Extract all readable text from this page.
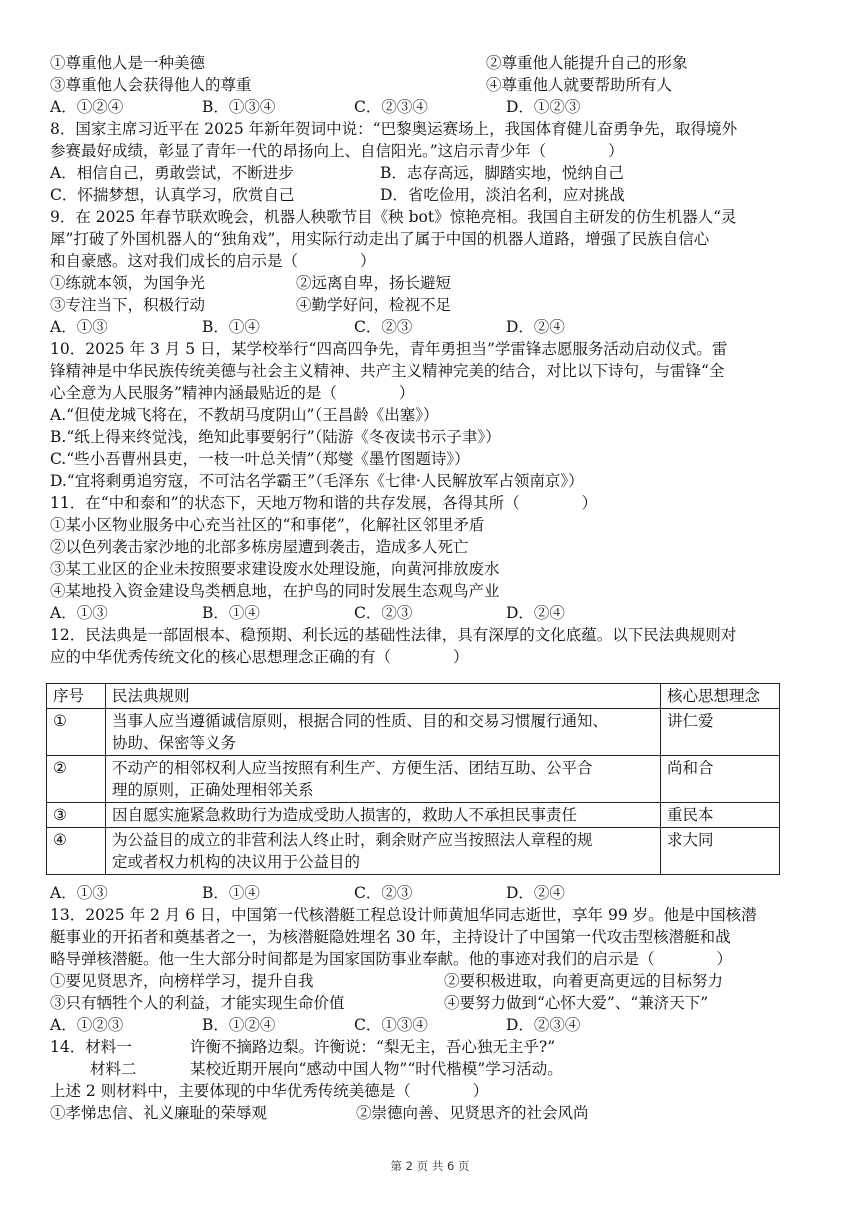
①尊重他人是一种美德	②尊重他人能提升自己的形象
③尊重他人会获得他人的尊重	④尊重他人就要帮助所有人
A．①②④	B．①③④	C．②③④	D．①②③
8．国家主席习近平在 2025 年新年贺词中说：“巴黎奥运赛场上，我国体育健儿奋勇争先，取得境外
参赛最好成绩，彰显了青年一代的昂扬向上、自信阳光。”这启示青少年（　　　　）
A．相信自己，勇敢尝试，不断进步	B．志存高远，脚踏实地，悦纳自己
C．怀揣梦想，认真学习，欣赏自己	D．省吃俭用，淡泊名利，应对挑战
9．在 2025 年春节联欢晚会，机器人秧歌节目《秧 bot》惊艳亮相。我国自主研发的仿生机器人“灵
犀”打破了外国机器人的“独角戏”，用实际行动走出了属于中国的机器人道路，增强了民族自信心
和自豪感。这对我们成长的启示是（　　　　）
①练就本领，为国争光	②远离自卑，扬长避短
③专注当下，积极行动	④勤学好问，检视不足
A．①③	B．①④	C．②③	D．②④
10．2025 年 3 月 5 日，某学校举行“四高四争先，青年勇担当”学雷锋志愿服务活动启动仪式。雷
锋精神是中华民族传统美德与社会主义精神、共产主义精神完美的结合，对比以下诗句，与雷锋“全
心全意为人民服务”精神内涵最贴近的是（　　　　）
A.“但使龙城飞将在，不教胡马度阴山”（王昌龄《出塞》）
B.“纸上得来终觉浅，绝知此事要躬行”（陆游《冬夜读书示子聿》）
C.“些小吾曹州县吏，一枝一叶总关情”（郑燮《墨竹图题诗》）
D.“宜将剩勇追穷寇，不可沽名学霸王”（毛泽东《七律·人民解放军占领南京》）
11．在“中和泰和”的状态下，天地万物和谐的共存发展，各得其所（　　　　）
①某小区物业服务中心充当社区的“和事佬”，化解社区邻里矛盾
②以色列袭击家沙地的北部多栋房屋遭到袭击，造成多人死亡
③某工业区的企业未按照要求建设废水处理设施，向黄河排放废水
④某地投入资金建设鸟类栖息地，在护鸟的同时发展生态观鸟产业
A．①③	B．①④	C．②③	D．②④
12．民法典是一部固根本、稳预期、利长远的基础性法律，具有深厚的文化底蕴。以下民法典规则对
应的中华优秀传统文化的核心思想理念正确的有（　　　　）
序号	民法典规则	核心思想理念
①	当事人应当遵循诚信原则，根据合同的性质、目的和交易习惯履行通知、
协助、保密等义务	讲仁爱
②	不动产的相邻权利人应当按照有利生产、方便生活、团结互助、公平合
理的原则，正确处理相邻关系	尚和合
③	因自愿实施紧急救助行为造成受助人损害的，救助人不承担民事责任	重民本
④	为公益目的成立的非营利法人终止时，剩余财产应当按照法人章程的规
定或者权力机构的决议用于公益目的	求大同
A．①③	B．①④	C．②③	D．②④
13．2025 年 2 月 6 日，中国第一代核潜艇工程总设计师黄旭华同志逝世，享年 99 岁。他是中国核潜
艇事业的开拓者和奠基者之一，为核潜艇隐姓埋名 30 年，主持设计了中国第一代攻击型核潜艇和战
略导弹核潜艇。他一生大部分时间都是为国家国防事业奉献。他的事迹对我们的启示是（　　　　）
①要见贤思齐，向榜样学习，提升自我	②要积极进取，向着更高更远的目标努力
③只有牺牲个人的利益，才能实现生命价值	④要努力做到“心怀大爱”、“兼济天下”
A．①②③	B．①②④	C．①③④	D．②③④
14．材料一	许衡不摘路边梨。许衡说：“梨无主，吾心独无主乎?”
材料二	某校近期开展向“感动中国人物”“时代楷模”学习活动。
上述 2 则材料中，主要体现的中华优秀传统美德是（　　　　）
①孝悌忠信、礼义廉耻的荣辱观	②崇德向善、见贤思齐的社会风尚
第 2 页 共 6 页
